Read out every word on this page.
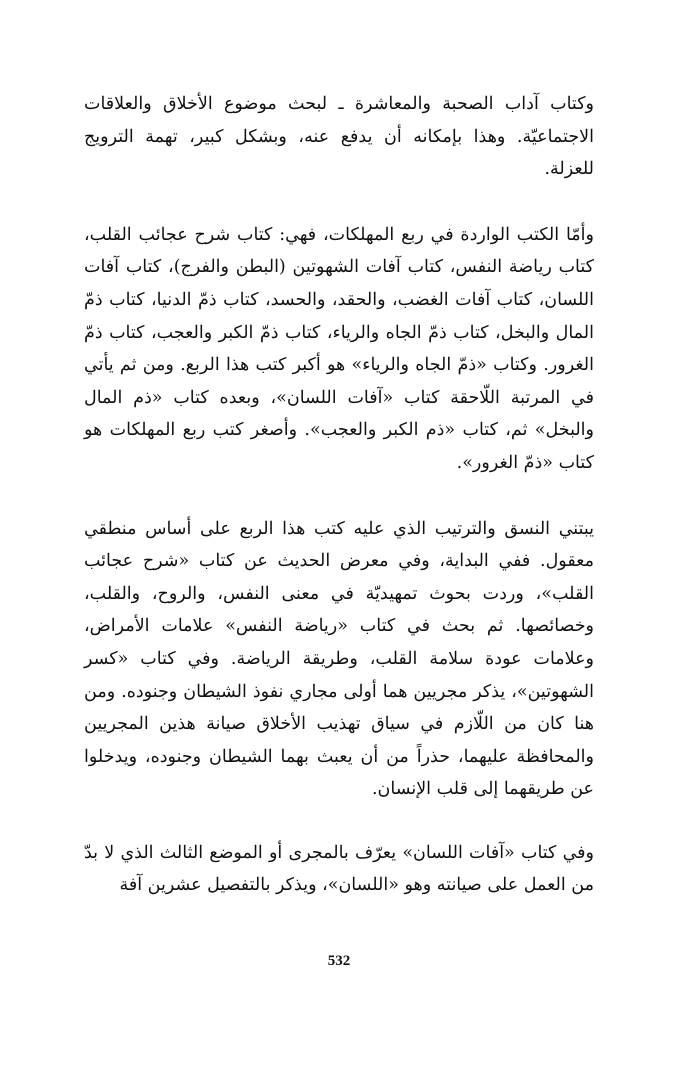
وكتاب آداب الصحبة والمعاشرة ـ لبحث موضوع الأخلاق والعلاقات الاجتماعيّة. وهذا بإمكانه أن يدفع عنه، وبشكل كبير، تهمة الترويج للعزلة.

وأمّا الكتب الواردة في ربع المهلكات، فهي: كتاب شرح عجائب القلب، كتاب رياضة النفس، كتاب آفات الشهوتين (البطن والفرج)، كتاب آفات اللسان، كتاب آفات الغضب، والحقد، والحسد، كتاب ذمّ الدنيا، كتاب ذمّ المال والبخل، كتاب ذمّ الجاه والرياء، كتاب ذمّ الكبر والعجب، كتاب ذمّ الغرور. وكتاب «ذمّ الجاه والرياء» هو أكبر كتب هذا الربع. ومن ثم يأتي في المرتبة اللّاحقة كتاب «آفات اللسان»، وبعده كتاب «ذم المال والبخل» ثم، كتاب «ذم الكبر والعجب». وأصغر كتب ربع المهلكات هو كتاب «ذمّ الغرور».

يبتني النسق والترتيب الذي عليه كتب هذا الربع على أساس منطقي معقول. ففي البداية، وفي معرض الحديث عن كتاب «شرح عجائب القلب»، وردت بحوث تمهيديّة في معنى النفس، والروح، والقلب، وخصائصها. ثم بحث في كتاب «رياضة النفس» علامات الأمراض، وعلامات عودة سلامة القلب، وطريقة الرياضة. وفي كتاب «كسر الشهوتين»، يذكر مجريين هما أولى مجاري نفوذ الشيطان وجنوده. ومن هنا كان من اللّازم في سياق تهذيب الأخلاق صيانة هذين المجريين والمحافظة عليهما، حذراً من أن يعبث بهما الشيطان وجنوده، ويدخلوا عن طريقهما إلى قلب الإنسان.

وفي كتاب «آفات اللسان» يعرّف بالمجرى أو الموضع الثالث الذي لا بدّ من العمل على صيانته وهو «اللسان»، ويذكر بالتفصيل عشرين آفة

532
